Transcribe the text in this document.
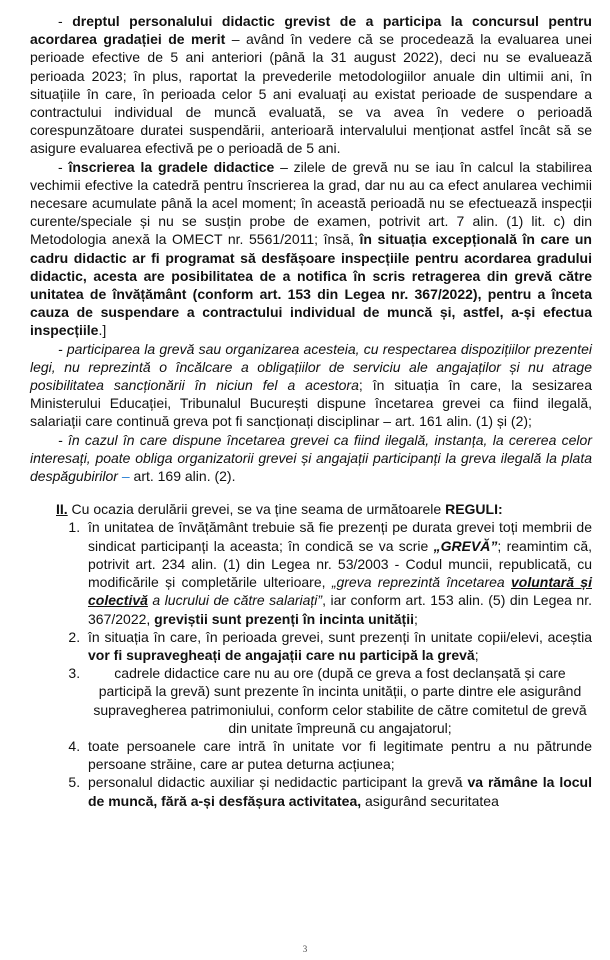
- dreptul personalului didactic grevist de a participa la concursul pentru acordarea gradației de merit – având în vedere că se procedează la evaluarea unei perioade efective de 5 ani anteriori (până la 31 august 2022), deci nu se evaluează perioada 2023; în plus, raportat la prevederile metodologiilor anuale din ultimii ani, în situațiile în care, în perioada celor 5 ani evaluați au existat perioade de suspendare a contractului individual de muncă evaluată, se va avea în vedere o perioadă corespunzătoare duratei suspendării, anterioară intervalului menționat astfel încât să se asigure evaluarea efectivă pe o perioadă de 5 ani.

- înscrierea la gradele didactice – zilele de grevă nu se iau în calcul la stabilirea vechimii efective la catedră pentru înscrierea la grad, dar nu au ca efect anularea vechimii necesare acumulate până la acel moment; în această perioadă nu se efectuează inspecții curente/speciale și nu se susțin probe de examen, potrivit art. 7 alin. (1) lit. c) din Metodologia anexă la OMECT nr. 5561/2011; însă, în situația excepțională în care un cadru didactic ar fi programat să desfășoare inspecțiile pentru acordarea gradului didactic, acesta are posibilitatea de a notifica în scris retragerea din grevă către unitatea de învățământ (conform art. 153 din Legea nr. 367/2022), pentru a înceta cauza de suspendare a contractului individual de muncă și, astfel, a-și efectua inspecțiile.]

- participarea la grevă sau organizarea acesteia, cu respectarea dispozițiilor prezentei legi, nu reprezintă o încălcare a obligațiilor de serviciu ale angajaților și nu atrage posibilitatea sancționării în niciun fel a acestora; în situația în care, la sesizarea Ministerului Educației, Tribunalul București dispune încetarea grevei ca fiind ilegală, salariații care continuă greva pot fi sancționați disciplinar – art. 161 alin. (1) și (2);

- în cazul în care dispune încetarea grevei ca fiind ilegală, instanța, la cererea celor interesați, poate obliga organizatorii grevei și angajații participanți la greva ilegală la plata despăgubirilor – art. 169 alin. (2).

II. Cu ocazia derulării grevei, se va ține seama de următoarele REGULI:

1. în unitatea de învățământ trebuie să fie prezenți pe durata grevei toți membrii de sindicat participanți la aceasta; în condică se va scrie „GREVĂ”; reamintim că, potrivit art. 234 alin. (1) din Legea nr. 53/2003 - Codul muncii, republicată, cu modificările și completările ulterioare, „greva reprezintă încetarea voluntară și colectivă a lucrului de către salariați”, iar conform art. 153 alin. (5) din Legea nr. 367/2022, greviștii sunt prezenți în incinta unității;
2. în situația în care, în perioada grevei, sunt prezenți în unitate copii/elevi, aceștia vor fi supravegheați de angajații care nu participă la grevă;
3. cadrele didactice care nu au ore (după ce greva a fost declanșată și care participă la grevă) sunt prezente în incinta unității, o parte dintre ele asigurând supravegherea patrimoniului, conform celor stabilite de către comitetul de grevă din unitate împreună cu angajatorul;
4. toate persoanele care intră în unitate vor fi legitimate pentru a nu pătrunde persoane străine, care ar putea deturna acțiunea;
5. personalul didactic auxiliar și nedidactic participant la grevă va rămâne la locul de muncă, fără a-și desfășura activitatea, asigurând securitatea
3
